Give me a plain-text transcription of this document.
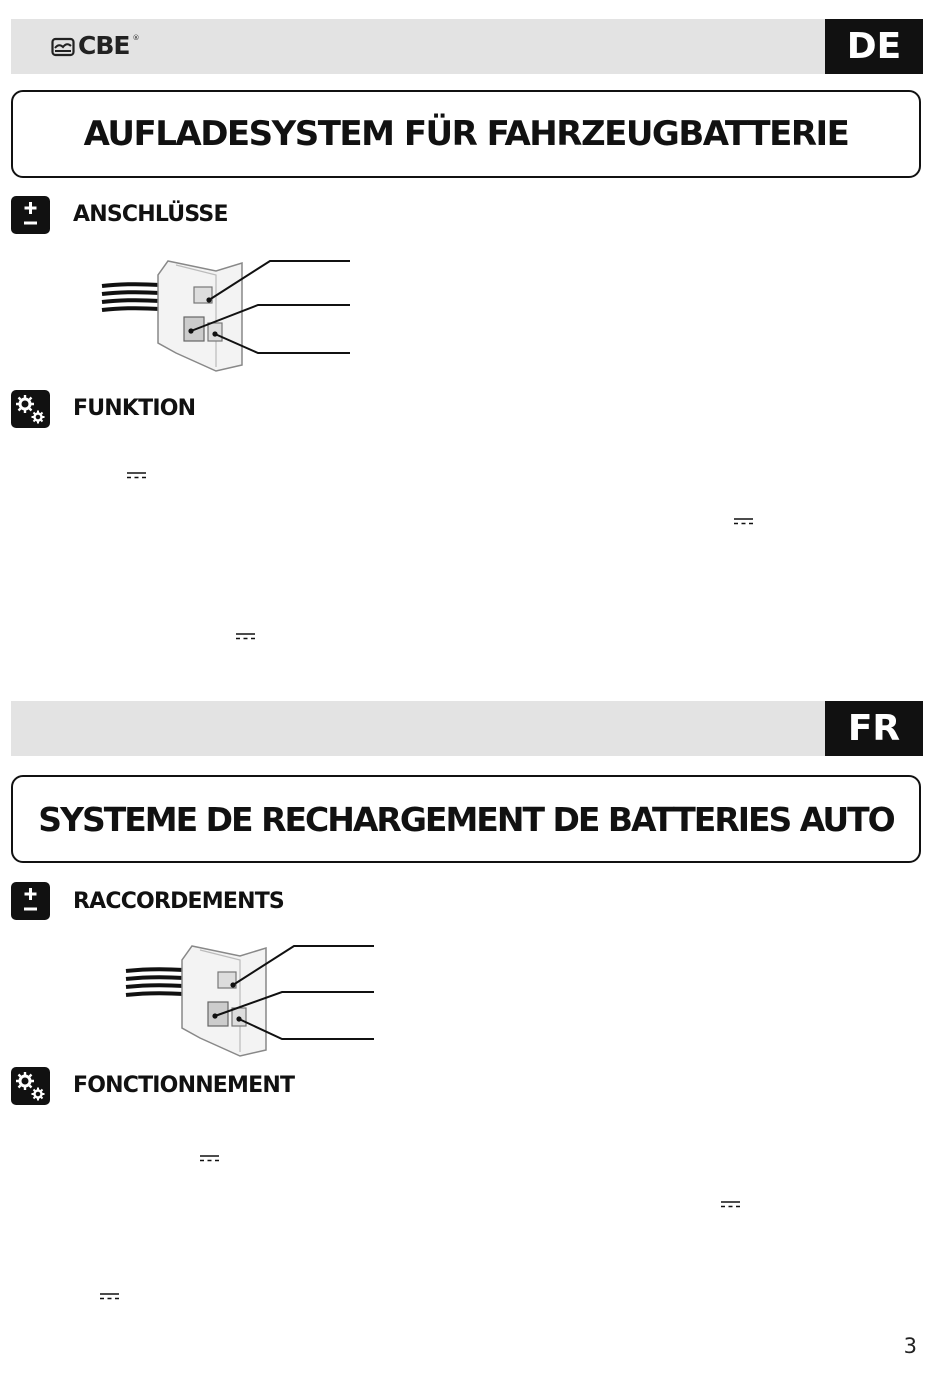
CBE ®	DE
AUFLADESYSTEM FÜR FAHRZEUGBATTERIE
ANSCHLÜSSE
FUNKTION
FR
SYSTEME DE RECHARGEMENT DE BATTERIES AUTO
RACCORDEMENTS
FONCTIONNEMENT
3
